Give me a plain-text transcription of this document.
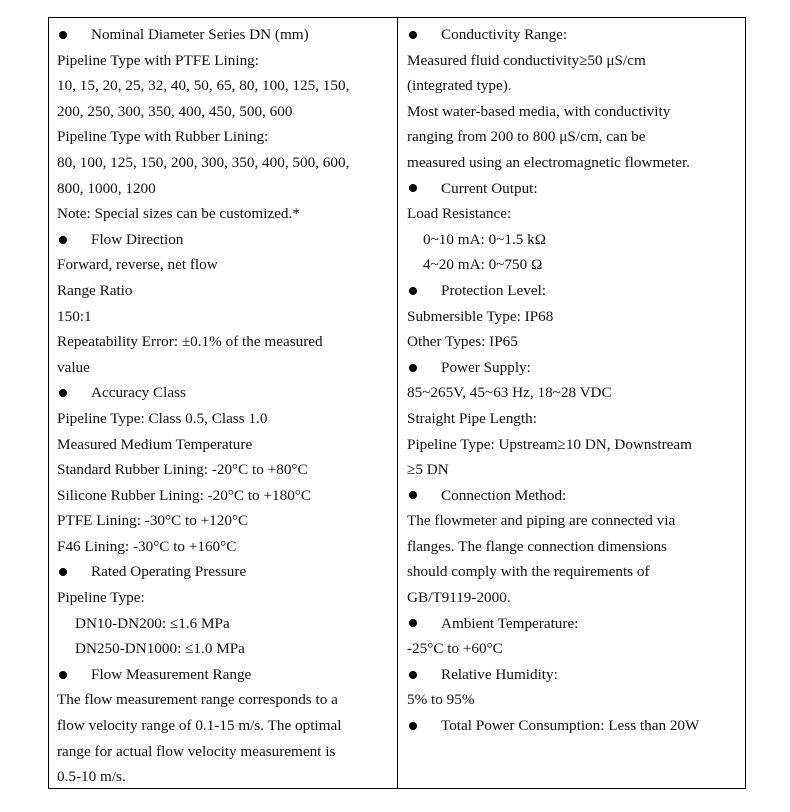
Nominal Diameter Series DN (mm)
Pipeline Type with PTFE Lining:
10, 15, 20, 25, 32, 40, 50, 65, 80, 100, 125, 150,
200, 250, 300, 350, 400, 450, 500, 600
Pipeline Type with Rubber Lining:
80, 100, 125, 150, 200, 300, 350, 400, 500, 600,
800, 1000, 1200
Note: Special sizes can be customized.*
Flow Direction
Forward, reverse, net flow
Range Ratio
150:1
Repeatability Error: ±0.1% of the measured
value
Accuracy Class
Pipeline Type: Class 0.5, Class 1.0
Measured Medium Temperature
Standard Rubber Lining: -20°C to +80°C
Silicone Rubber Lining: -20°C to +180°C
PTFE Lining: -30°C to +120°C
F46 Lining: -30°C to +160°C
Rated Operating Pressure
Pipeline Type:
DN10-DN200: ≤1.6 MPa
DN250-DN1000: ≤1.0 MPa
Flow Measurement Range
The flow measurement range corresponds to a
flow velocity range of 0.1-15 m/s. The optimal
range for actual flow velocity measurement is
0.5-10 m/s.
Conductivity Range:
Measured fluid conductivity≥50 μS/cm
(integrated type).
Most water-based media, with conductivity
ranging from 200 to 800 μS/cm, can be
measured using an electromagnetic flowmeter.
Current Output:
Load Resistance:
0~10 mA: 0~1.5 kΩ
4~20 mA: 0~750 Ω
Protection Level:
Submersible Type: IP68
Other Types: IP65
Power Supply:
85~265V, 45~63 Hz, 18~28 VDC
Straight Pipe Length:
Pipeline Type: Upstream≥10 DN, Downstream
≥5 DN
Connection Method:
The flowmeter and piping are connected via
flanges. The flange connection dimensions
should comply with the requirements of
GB/T9119-2000.
Ambient Temperature:
-25°C to +60°C
Relative Humidity:
5% to 95%
Total Power Consumption: Less than 20W
